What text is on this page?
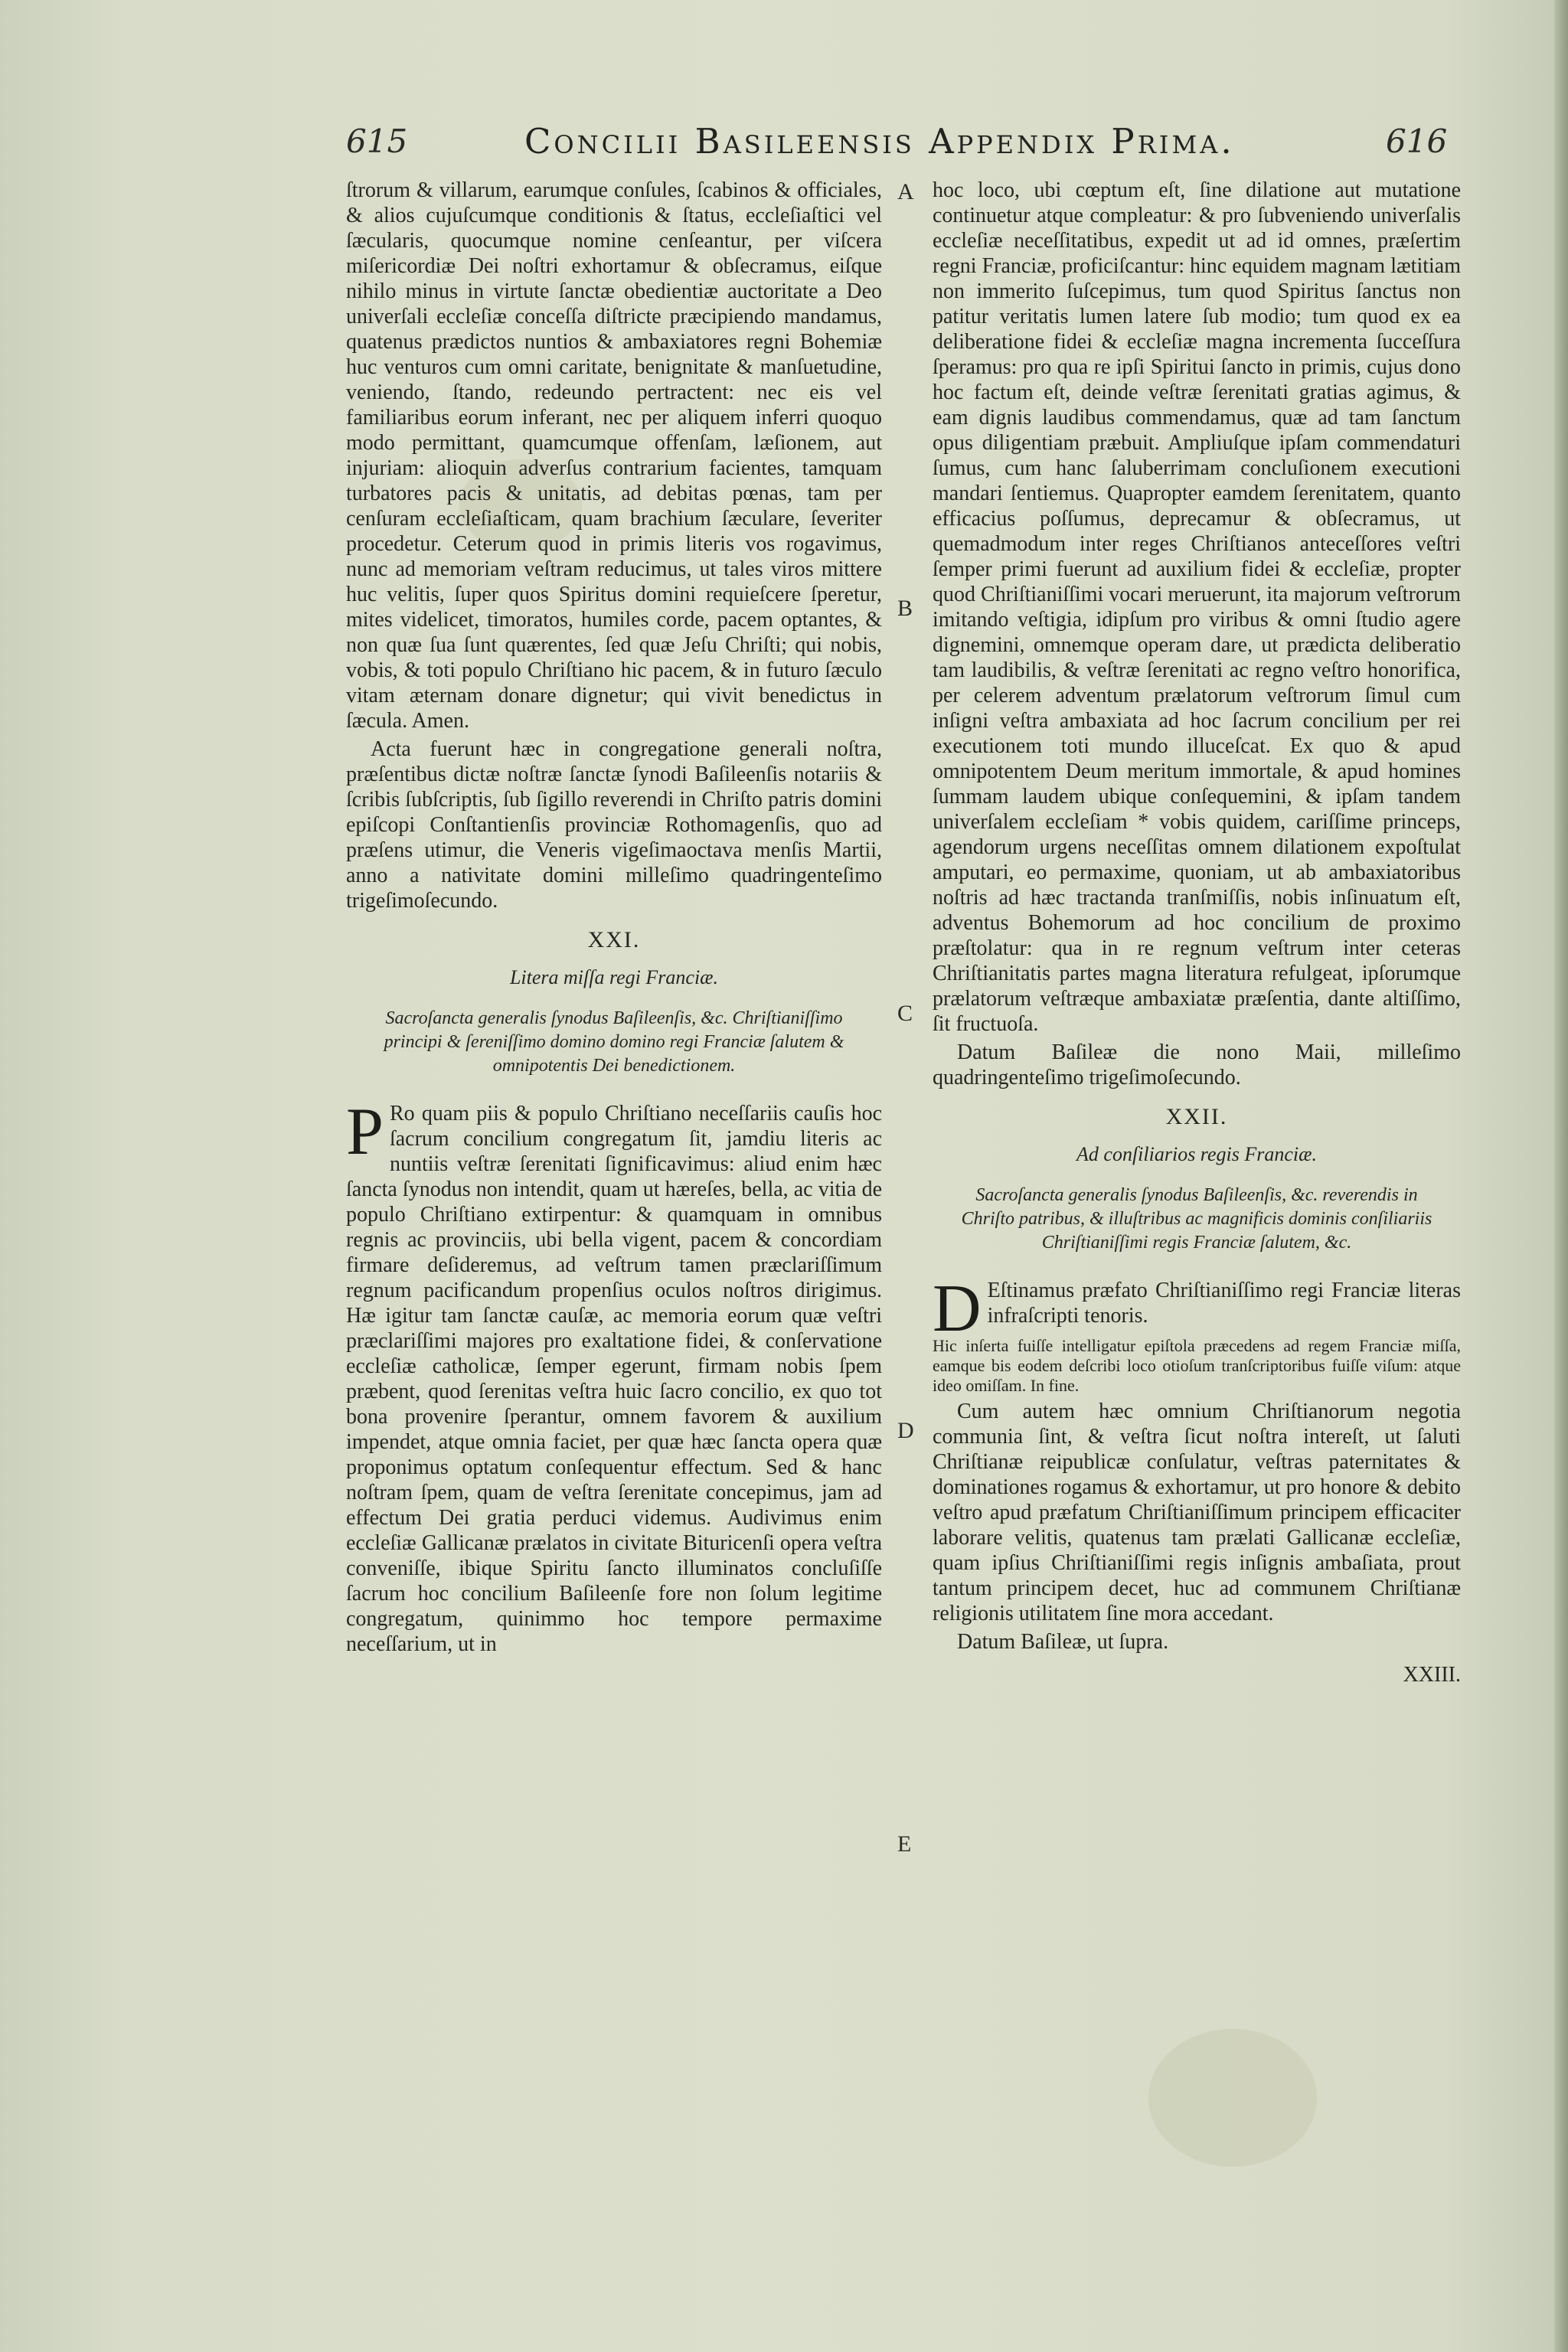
615	Concilii Basileensis Appendix Prima.	616
A
B
C
D
E

ſtrorum & villarum, earumque conſules, ſcabinos & officiales, & alios cujuſcumque conditionis & ſtatus, eccleſiaſtici vel ſæcularis, quocumque nomine cenſeantur, per viſcera miſericordiæ Dei noſtri exhortamur & obſecramus, eiſque nihilo minus in virtute ſanctæ obedientiæ auctoritate a Deo univerſali eccleſiæ conceſſa diſtricte præcipiendo mandamus, quatenus prædictos nuntios & ambaxiatores regni Bohemiæ huc venturos cum omni caritate, benignitate & manſuetudine, veniendo, ſtando, redeundo pertractent: nec eis vel familiaribus eorum inferant, nec per aliquem inferri quoquo modo permittant, quamcumque offenſam, læſionem, aut injuriam: alioquin adverſus contrarium facientes, tamquam turbatores pacis & unitatis, ad debitas pœnas, tam per cenſuram eccleſiaſticam, quam brachium ſæculare, ſeveriter procedetur. Ceterum quod in primis literis vos rogavimus, nunc ad memoriam veſtram reducimus, ut tales viros mittere huc velitis, ſuper quos Spiritus domini requieſcere ſperetur, mites videlicet, timoratos, humiles corde, pacem optantes, & non quæ ſua ſunt quærentes, ſed quæ Jeſu Chriſti; qui nobis, vobis, & toti populo Chriſtiano hic pacem, & in futuro ſæculo vitam æternam donare dignetur; qui vivit benedictus in ſæcula. Amen.

Acta fuerunt hæc in congregatione generali noſtra, præſentibus dictæ noſtræ ſanctæ ſynodi Baſileenſis notariis & ſcribis ſubſcriptis, ſub ſigillo reverendi in Chriſto patris domini epiſcopi Conſtantienſis provinciæ Rothomagenſis, quo ad præſens utimur, die Veneris vigeſimaoctava menſis Martii, anno a nativitate domini milleſimo quadringenteſimo trigeſimoſecundo.

XXI.
Litera miſſa regi Franciæ.
Sacroſancta generalis ſynodus Baſileenſis, &c. Chriſtianiſſimo principi & ſereniſſimo domino domino regi Franciæ ſalutem & omnipotentis Dei benedictionem.

P Ro quam piis & populo Chriſtiano neceſſariis cauſis hoc ſacrum concilium congregatum ſit, jamdiu literis ac nuntiis veſtræ ſerenitati ſignificavimus: aliud enim hæc ſancta ſynodus non intendit, quam ut hæreſes, bella, ac vitia de populo Chriſtiano extirpentur: & quamquam in omnibus regnis ac provinciis, ubi bella vigent, pacem & concordiam firmare deſideremus, ad veſtrum tamen præclariſſimum regnum pacificandum propenſius oculos noſtros dirigimus. Hæ igitur tam ſanctæ cauſæ, ac memoria eorum quæ veſtri præclariſſimi majores pro exaltatione fidei, & conſervatione eccleſiæ catholicæ, ſemper egerunt, firmam nobis ſpem præbent, quod ſerenitas veſtra huic ſacro concilio, ex quo tot bona provenire ſperantur, omnem favorem & auxilium impendet, atque omnia faciet, per quæ hæc ſancta opera quæ proponimus optatum conſequentur effectum. Sed & hanc noſtram ſpem, quam de veſtra ſerenitate concepimus, jam ad effectum Dei gratia perduci videmus. Audivimus enim eccleſiæ Gallicanæ prælatos in civitate Bituricenſi opera veſtra conveniſſe, ibique Spiritu ſancto illuminatos concluſiſſe ſacrum hoc concilium Baſileenſe fore non ſolum legitime congregatum, quinimmo hoc tempore permaxime neceſſarium, ut in

hoc loco, ubi cœptum eſt, ſine dilatione aut mutatione continuetur atque compleatur: & pro ſubveniendo univerſalis eccleſiæ neceſſitatibus, expedit ut ad id omnes, præſertim regni Franciæ, proficiſcantur: hinc equidem magnam lætitiam non immerito ſuſcepimus, tum quod Spiritus ſanctus non patitur veritatis lumen latere ſub modio; tum quod ex ea deliberatione fidei & eccleſiæ magna incrementa ſucceſſura ſperamus: pro qua re ipſi Spiritui ſancto in primis, cujus dono hoc factum eſt, deinde veſtræ ſerenitati gratias agimus, & eam dignis laudibus commendamus, quæ ad tam ſanctum opus diligentiam præbuit. Ampliuſque ipſam commendaturi ſumus, cum hanc ſaluberrimam concluſionem executioni mandari ſentiemus. Quapropter eamdem ſerenitatem, quanto efficacius poſſumus, deprecamur & obſecramus, ut quemadmodum inter reges Chriſtianos anteceſſores veſtri ſemper primi fuerunt ad auxilium fidei & eccleſiæ, propter quod Chriſtianiſſimi vocari meruerunt, ita majorum veſtrorum imitando veſtigia, idipſum pro viribus & omni ſtudio agere dignemini, omnemque operam dare, ut prædicta deliberatio tam laudibilis, & veſtræ ſerenitati ac regno veſtro honorifica, per celerem adventum prælatorum veſtrorum ſimul cum inſigni veſtra ambaxiata ad hoc ſacrum concilium per rei executionem toti mundo illuceſcat. Ex quo & apud omnipotentem Deum meritum immortale, & apud homines ſummam laudem ubique conſequemini, & ipſam tandem univerſalem eccleſiam * vobis quidem, cariſſime princeps, agendorum urgens neceſſitas omnem dilationem expoſtulat amputari, eo permaxime, quoniam, ut ab ambaxiatoribus noſtris ad hæc tractanda tranſmiſſis, nobis inſinuatum eſt, adventus Bohemorum ad hoc concilium de proximo præſtolatur: qua in re regnum veſtrum inter ceteras Chriſtianitatis partes magna literatura refulgeat, ipſorumque prælatorum veſtræque ambaxiatæ præſentia, dante altiſſimo, ſit fructuoſa.

Datum Baſileæ die nono Maii, milleſimo quadringenteſimo trigeſimoſecundo.

XXII.
Ad conſiliarios regis Franciæ.
Sacroſancta generalis ſynodus Baſileenſis, &c. reverendis in Chriſto patribus, & illuſtribus ac magnificis dominis conſiliariis Chriſtianiſſimi regis Franciæ ſalutem, &c.

D Eſtinamus præfato Chriſtianiſſimo regi Franciæ literas infraſcripti tenoris.

Hic inſerta fuiſſe intelligatur epiſtola præcedens ad regem Franciæ miſſa, eamque bis eodem deſcribi loco otioſum tranſcriptoribus fuiſſe viſum: atque ideo omiſſam. In fine.

Cum autem hæc omnium Chriſtianorum negotia communia ſint, & veſtra ſicut noſtra intereſt, ut ſaluti Chriſtianæ reipublicæ conſulatur, veſtras paternitates & dominationes rogamus & exhortamur, ut pro honore & debito veſtro apud præfatum Chriſtianiſſimum principem efficaciter laborare velitis, quatenus tam prælati Gallicanæ eccleſiæ, quam ipſius Chriſtianiſſimi regis inſignis ambaſiata, prout tantum principem decet, huc ad communem Chriſtianæ religionis utilitatem ſine mora accedant.

Datum Baſileæ, ut ſupra.

XXIII.
